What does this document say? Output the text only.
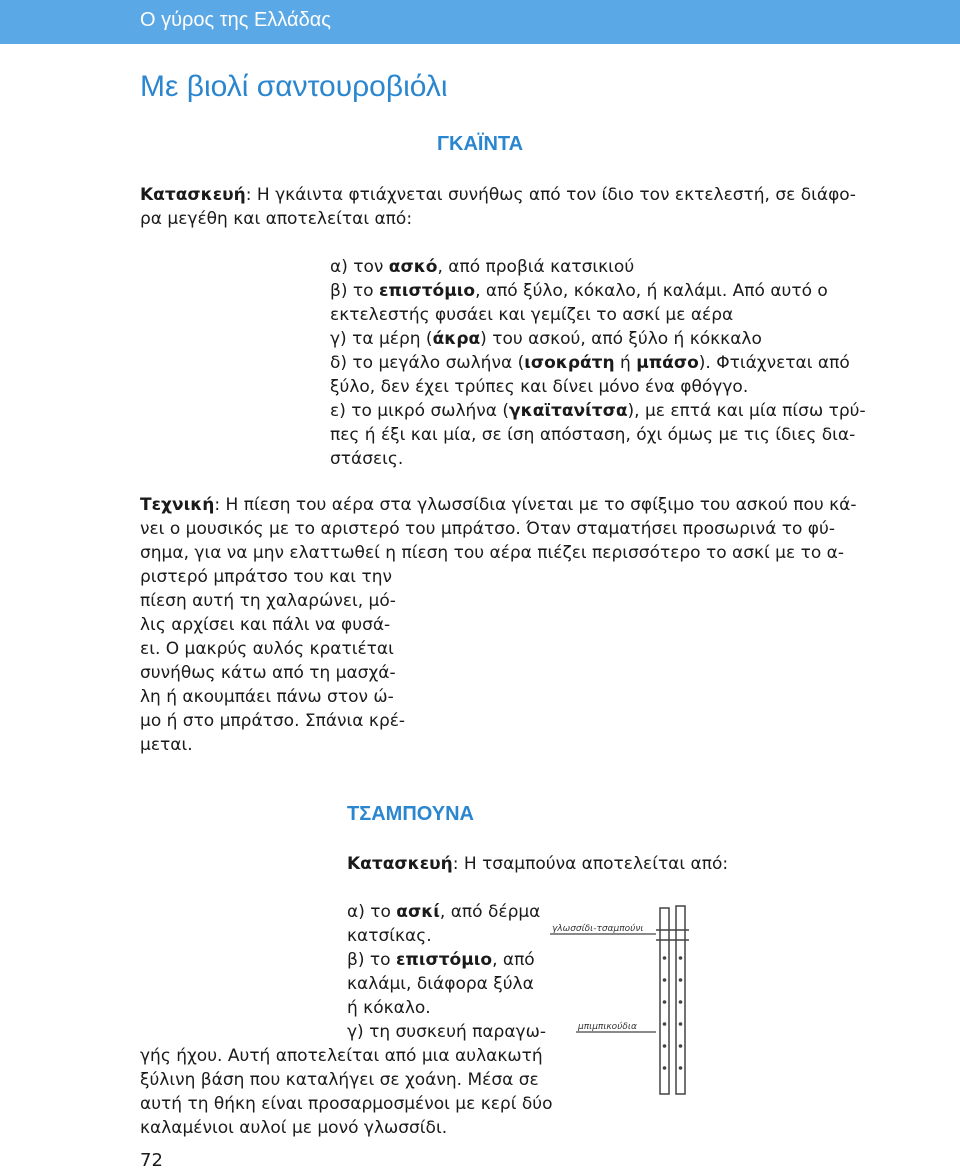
Ο γύρος της Ελλάδας
Με βιολί σαντουροβιόλι
ΓΚΑΪΝΤΑ
Κατασκευή: Η γκάιντα φτιάχνεται συνήθως από τον ίδιο τον εκτελεστή, σε διάφο-
ρα μεγέθη και αποτελείται από:
α) τον ασκό, από προβιά κατσικιού
β) το επιστόμιο, από ξύλο, κόκαλο, ή καλάμι. Από αυτό ο
εκτελεστής φυσάει και γεμίζει το ασκί με αέρα
γ) τα μέρη (άκρα) του ασκού, από ξύλο ή κόκκαλο
δ) το μεγάλο σωλήνα (ισοκράτη ή μπάσο). Φτιάχνεται από
ξύλο, δεν έχει τρύπες και δίνει μόνο ένα φθόγγο.
ε) το μικρό σωλήνα (γκαϊτανίτσα), με επτά και μία πίσω τρύ-
πες ή έξι και μία, σε ίση απόσταση, όχι όμως με τις ίδιες δια-
στάσεις.
Τεχνική: Η πίεση του αέρα στα γλωσσίδια γίνεται με το σφίξιμο του ασκού που κά-
νει ο μουσικός με το αριστερό του μπράτσο. Όταν σταματήσει προσωρινά το φύ-
σημα, για να μην ελαττωθεί η πίεση του αέρα πιέζει περισσότερο το ασκί με το α-
ριστερό μπράτσο του και την
πίεση αυτή τη χαλαρώνει, μό-
λις αρχίσει και πάλι να φυσά-
ει. Ο μακρύς αυλός κρατιέται
συνήθως κάτω από τη μασχά-
λη ή ακουμπάει πάνω στον ώ-
μο ή στο μπράτσο. Σπάνια κρέ-
μεται.
ΤΣΑΜΠΟΥΝΑ
Κατασκευή: Η τσαμπούνα αποτελείται από:
α) το ασκί, από δέρμα
κατσίκας.
β) το επιστόμιο, από
καλάμι, διάφορα ξύλα
ή κόκαλο.
γ) τη συσκευή παραγω-
γής ήχου. Αυτή αποτελείται από μια αυλακωτή
ξύλινη βάση που καταλήγει σε χοάνη. Μέσα σε
αυτή τη θήκη είναι προσαρμοσμένοι με κερί δύο
καλαμένιοι αυλοί με μονό γλωσσίδι.
γλωσσίδι-τσαμπούνι
μπιμπικούδια
72
